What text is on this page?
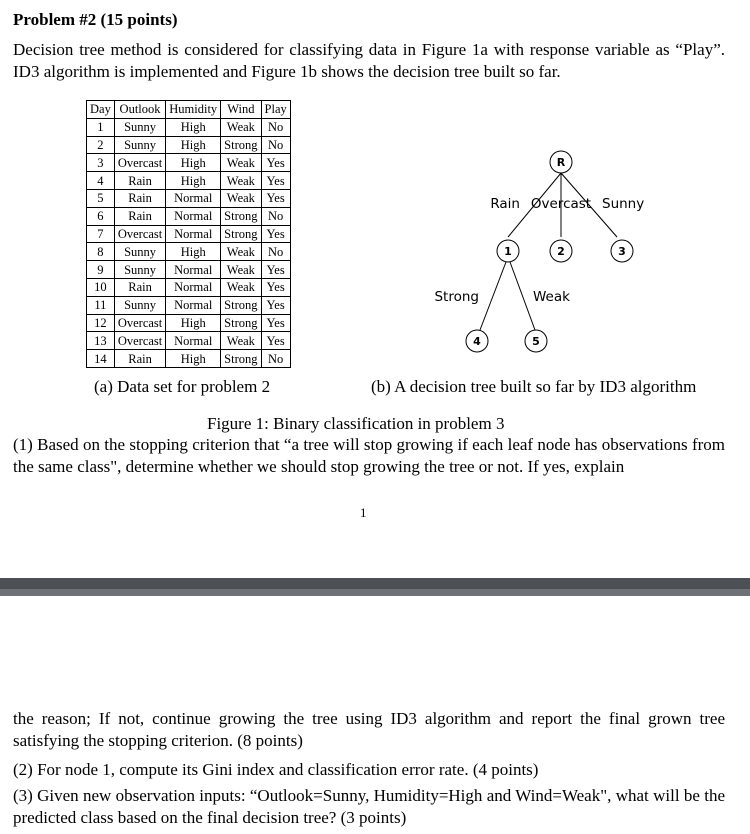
Problem #2 (15 points)
Decision tree method is considered for classifying data in Figure 1a with response variable as “Play”. ID3 algorithm is implemented and Figure 1b shows the decision tree built so far.
Day	Outlook	Humidity	Wind	Play
1	Sunny	High	Weak	No
2	Sunny	High	Strong	No
3	Overcast	High	Weak	Yes
4	Rain	High	Weak	Yes
5	Rain	Normal	Weak	Yes
6	Rain	Normal	Strong	No
7	Overcast	Normal	Strong	Yes
8	Sunny	High	Weak	No
9	Sunny	Normal	Weak	Yes
10	Rain	Normal	Weak	Yes
11	Sunny	Normal	Strong	Yes
12	Overcast	High	Strong	Yes
13	Overcast	Normal	Weak	Yes
14	Rain	High	Strong	No
R
1	2	3
4	5
Rain Overcast Sunny
Strong	Weak
(a) Data set for problem 2	(b) A decision tree built so far by ID3 algorithm
Figure 1: Binary classification in problem 3
(1) Based on the stopping criterion that “a tree will stop growing if each leaf node has observations from the same class", determine whether we should stop growing the tree or not. If yes, explain
1
the reason; If not, continue growing the tree using ID3 algorithm and report the final grown tree satisfying the stopping criterion. (8 points)
(2) For node 1, compute its Gini index and classification error rate. (4 points)
(3) Given new observation inputs: “Outlook=Sunny, Humidity=High and Wind=Weak", what will be the predicted class based on the final decision tree? (3 points)
